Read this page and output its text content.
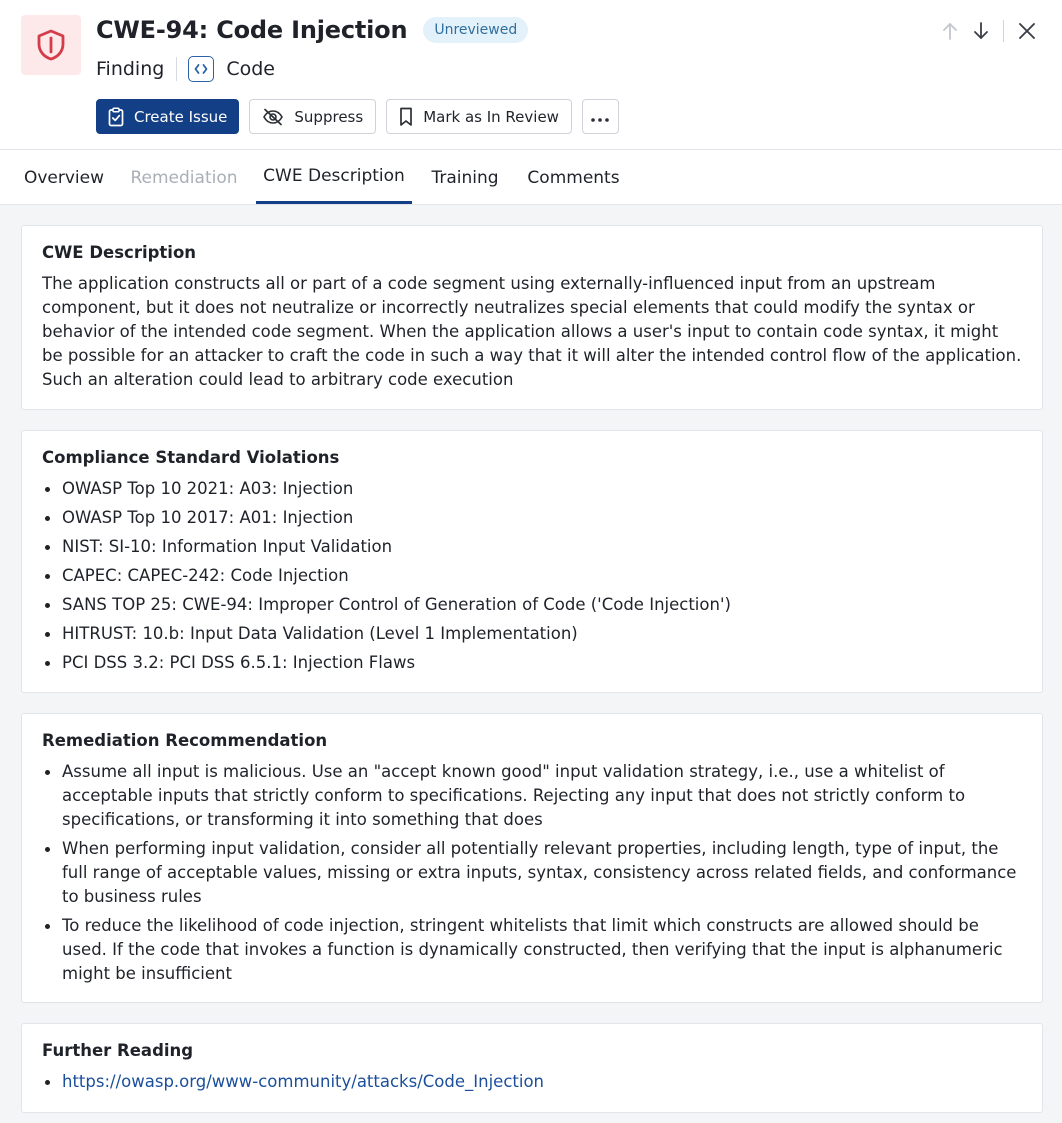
CWE-94: Code Injection	Unreviewed
Finding	Code
Create Issue	Suppress	Mark as In Review
Overview	Remediation	CWE Description	Training	Comments
CWE Description

The application constructs all or part of a code segment using externally-influenced input from an upstream component, but it does not neutralize or incorrectly neutralizes special elements that could modify the syntax or behavior of the intended code segment. When the application allows a user's input to contain code syntax, it might be possible for an attacker to craft the code in such a way that it will alter the intended control flow of the application. Such an alteration could lead to arbitrary code execution

Compliance Standard Violations
OWASP Top 10 2021: A03: Injection
OWASP Top 10 2017: A01: Injection
NIST: SI-10: Information Input Validation
CAPEC: CAPEC-242: Code Injection
SANS TOP 25: CWE-94: Improper Control of Generation of Code ('Code Injection')
HITRUST: 10.b: Input Data Validation (Level 1 Implementation)
PCI DSS 3.2: PCI DSS 6.5.1: Injection Flaws
Remediation Recommendation
Assume all input is malicious. Use an "accept known good" input validation strategy, i.e., use a whitelist of acceptable inputs that strictly conform to specifications. Rejecting any input that does not strictly conform to specifications, or transforming it into something that does
When performing input validation, consider all potentially relevant properties, including length, type of input, the full range of acceptable values, missing or extra inputs, syntax, consistency across related fields, and conformance to business rules
To reduce the likelihood of code injection, stringent whitelists that limit which constructs are allowed should be used. If the code that invokes a function is dynamically constructed, then verifying that the input is alphanumeric might be insufficient
Further Reading
https://owasp.org/www-community/attacks/Code_Injection
